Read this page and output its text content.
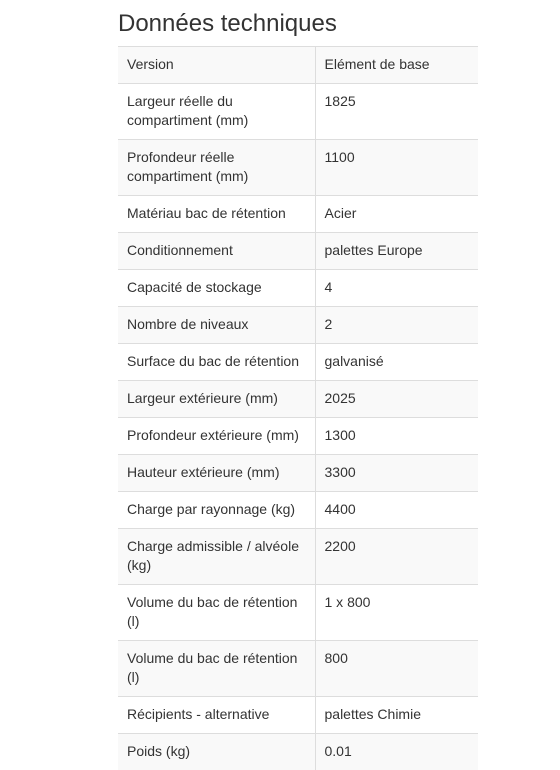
Données techniques
Version	Elément de base
Largeur réelle du compartiment (mm)	1825
Profondeur réelle compartiment (mm)	1100
Matériau bac de rétention	Acier
Conditionnement	palettes Europe
Capacité de stockage	4
Nombre de niveaux	2
Surface du bac de rétention	galvanisé
Largeur extérieure (mm)	2025
Profondeur extérieure (mm)	1300
Hauteur extérieure (mm)	3300
Charge par rayonnage (kg)	4400
Charge admissible / alvéole (kg)	2200
Volume du bac de rétention (l)	1 x 800
Volume du bac de rétention (l)	800
Récipients - alternative	palettes Chimie
Poids (kg)	0.01
